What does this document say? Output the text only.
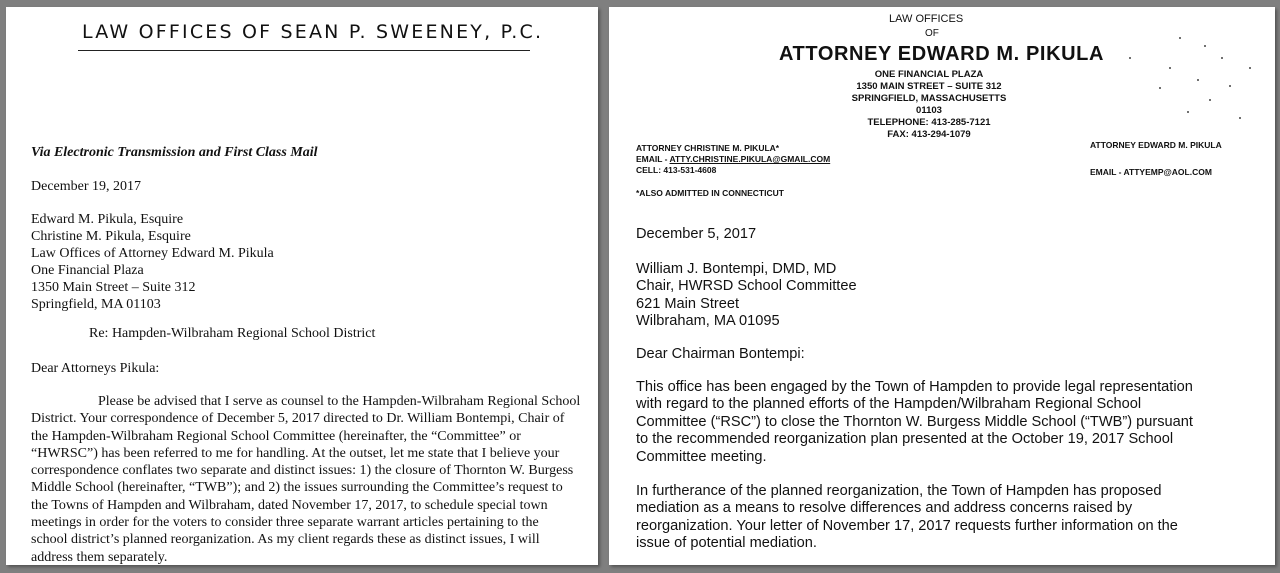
LAW OFFICES OF SEAN P. SWEENEY, P.C.
Via Electronic Transmission and First Class Mail
December 19, 2017
Edward M. Pikula, Esquire
Christine M. Pikula, Esquire
Law Offices of Attorney Edward M. Pikula
One Financial Plaza
1350 Main Street – Suite 312
Springfield, MA 01103
Re: Hampden-Wilbraham Regional School District
Dear Attorneys Pikula:
Please be advised that I serve as counsel to the Hampden-Wilbraham Regional School
District. Your correspondence of December 5, 2017 directed to Dr. William Bontempi, Chair of
the Hampden-Wilbraham Regional School Committee (hereinafter, the “Committee” or
“HWRSC”) has been referred to me for handling. At the outset, let me state that I believe your
correspondence conflates two separate and distinct issues: 1) the closure of Thornton W. Burgess
Middle School (hereinafter, “TWB”); and 2) the issues surrounding the Committee’s request to
the Towns of Hampden and Wilbraham, dated November 17, 2017, to schedule special town
meetings in order for the voters to consider three separate warrant articles pertaining to the
school district’s planned reorganization. As my client regards these as distinct issues, I will
address them separately.
LAW OFFICES
OF
ATTORNEY EDWARD M. PIKULA
ONE FINANCIAL PLAZA
1350 MAIN STREET – SUITE 312
SPRINGFIELD, MASSACHUSETTS 01103
TELEPHONE: 413-285-7121
FAX: 413-294-1079
ATTORNEY CHRISTINE M. PIKULA*
EMAIL - ATTY.CHRISTINE.PIKULA@GMAIL.COM
CELL: 413-531-4608
ATTORNEY EDWARD M. PIKULA
EMAIL - ATTYEMP@AOL.COM
*ALSO ADMITTED IN CONNECTICUT
December 5, 2017
William J. Bontempi, DMD, MD
Chair, HWRSD School Committee
621 Main Street
Wilbraham, MA 01095
Dear Chairman Bontempi:
This office has been engaged by the Town of Hampden to provide legal representation
with regard to the planned efforts of the Hampden/Wilbraham Regional School
Committee (“RSC”) to close the Thornton W. Burgess Middle School (“TWB”) pursuant
to the recommended reorganization plan presented at the October 19, 2017 School
Committee meeting.
In furtherance of the planned reorganization, the Town of Hampden has proposed
mediation as a means to resolve differences and address concerns raised by
reorganization. Your letter of November 17, 2017 requests further information on the
issue of potential mediation.
